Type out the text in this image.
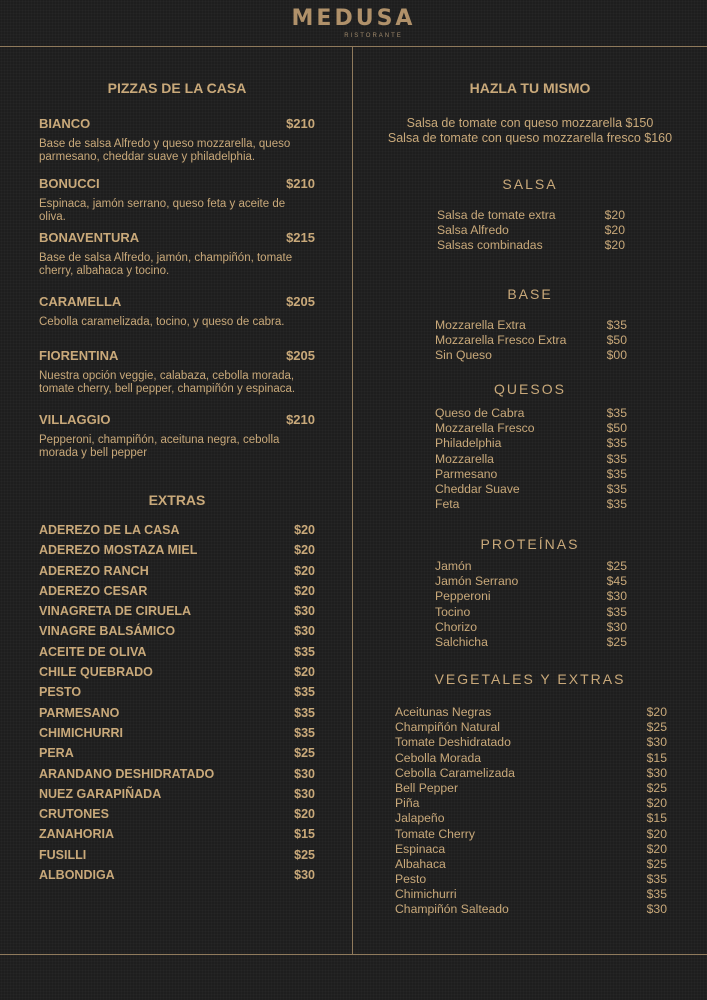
MEDUSA
RISTORANTE
PIZZAS DE LA CASA
BIANCO	$210
Base de salsa Alfredo y queso mozzarella, queso parmesano, cheddar suave y philadelphia.
BONUCCI	$210
Espinaca, jamón serrano, queso feta y aceite de oliva.
BONAVENTURA	$215
Base de salsa Alfredo, jamón, champiñón, tomate cherry, albahaca y tocino.
CARAMELLA	$205
Cebolla caramelizada, tocino, y queso de cabra.
FIORENTINA	$205
Nuestra opción veggie, calabaza, cebolla morada, tomate cherry, bell pepper, champiñón y espinaca.
VILLAGGIO	$210
Pepperoni, champiñón, aceituna negra, cebolla morada y bell pepper
EXTRAS
ADEREZO DE LA CASA	$20
ADEREZO MOSTAZA MIEL	$20
ADEREZO RANCH	$20
ADEREZO CESAR	$20
VINAGRETA DE CIRUELA	$30
VINAGRE BALSÁMICO	$30
ACEITE DE OLIVA	$35
CHILE QUEBRADO	$20
PESTO	$35
PARMESANO	$35
CHIMICHURRI	$35
PERA	$25
ARANDANO DESHIDRATADO	$30
NUEZ GARAPIÑADA	$30
CRUTONES	$20
ZANAHORIA	$15
FUSILLI	$25
ALBONDIGA	$30
HAZLA TU MISMO
Salsa de tomate con queso mozzarella $150
Salsa de tomate con queso mozzarella fresco $160
SALSA
Salsa de tomate extra	$20
Salsa Alfredo	$20
Salsas combinadas	$20
BASE
Mozzarella Extra	$35
Mozzarella Fresco Extra	$50
Sin Queso	$00
QUESOS
Queso de Cabra	$35
Mozzarella Fresco	$50
Philadelphia	$35
Mozzarella	$35
Parmesano	$35
Cheddar Suave	$35
Feta	$35
PROTEÍNAS
Jamón	$25
Jamón Serrano	$45
Pepperoni	$30
Tocino	$35
Chorizo	$30
Salchicha	$25
VEGETALES Y EXTRAS
Aceitunas Negras	$20
Champiñón Natural	$25
Tomate Deshidratado	$30
Cebolla Morada	$15
Cebolla Caramelizada	$30
Bell Pepper	$25
Piña	$20
Jalapeño	$15
Tomate Cherry	$20
Espinaca	$20
Albahaca	$25
Pesto	$35
Chimichurri	$35
Champiñón Salteado	$30
